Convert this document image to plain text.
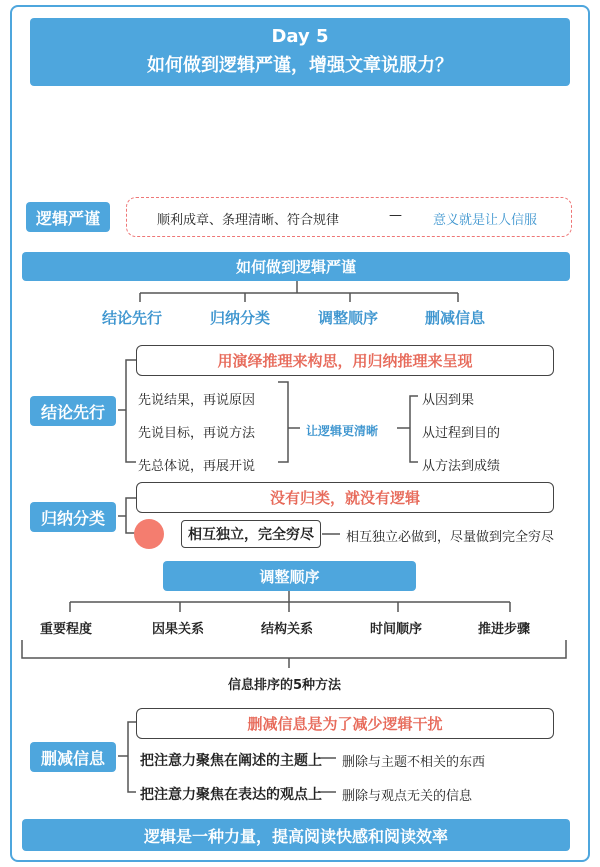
Day 5
如何做到逻辑严谨，增强文章说服力？
逻辑严谨	顺利成章、条理清晰、符合规律	— 意义就是让人信服
如何做到逻辑严谨
结论先行	归纳分类	调整顺序	删减信息
结论先行
用演绎推理来构思，用归纳推理来呈现
先说结果，再说原因
先说目标，再说方法
先总体说，再展开说
让逻辑更清晰
从因到果
从过程到目的
从方法到成绩
归纳分类
没有归类，就没有逻辑
相互独立，完全穷尽	相互独立必做到，尽量做到完全穷尽
调整顺序
重要程度	因果关系	结构关系	时间顺序	推进步骤
信息排序的5种方法
删减信息
删减信息是为了减少逻辑干扰
把注意力聚焦在阐述的主题上 删除与主题不相关的东西
把注意力聚焦在表达的观点上 删除与观点无关的信息
逻辑是一种力量，提高阅读快感和阅读效率
